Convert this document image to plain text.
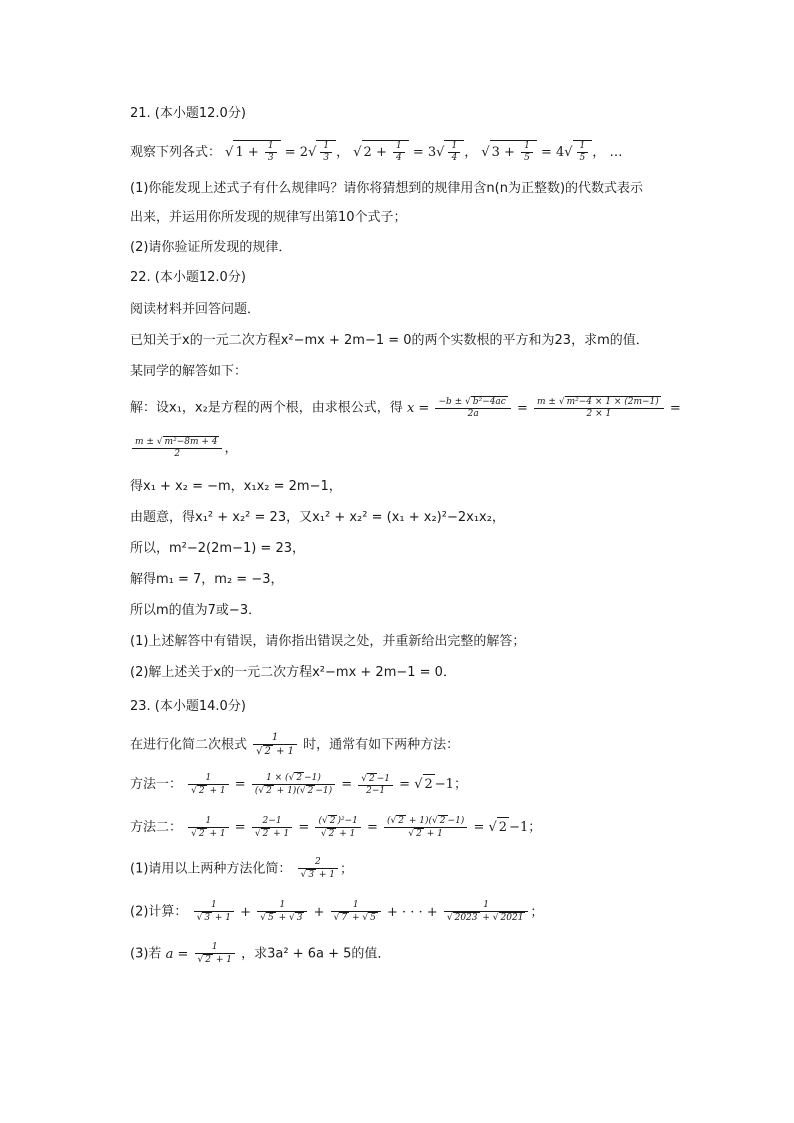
21. (本小题12.0分)
观察下列各式： √ $1 + \frac{1}{3} = 2√ \frac{1}{3}$ ， √ $2 + \frac{1}{4} = 3√ \frac{1}{4}$ ， √ $3 + \frac{1}{5} = 4√ \frac{1}{5}$ ， …
(1)你能发现上述式子有什么规律吗？请你将猜想到的规律用含n(n为正整数)的代数式表示
出来，并运用你所发现的规律写出第10个式子；
(2)请你验证所发现的规律．
22. (本小题12.0分)
阅读材料并回答问题．
已知关于x的一元二次方程x²−mx + 2m−1 = 0的两个实数根的平方和为23，求m的值．
某同学的解答如下：
解：设x₁，x₂是方程的两个根，由求根公式，得 $x = \frac{\text{−b ± √ b²−4ac}}{2a} = \frac{\text{m ± √ m²−4 × 1 × (2m−1)}}{2 \times 1}$ =
$\frac{\text{m ± √ m²−8m + 4}}{2}$ ，
得x₁ + x₂ = −m，x₁x₂ = 2m−1，
由题意，得x₁² + x₂² = 23，又x₁² + x₂² = (x₁ + x₂)²−2x₁x₂，
所以，m²−2(2m−1) = 23，
解得m₁ = 7，m₂ = −3，
所以m的值为7或−3．
(1)上述解答中有错误，请你指出错误之处，并重新给出完整的解答；
(2)解上述关于x的一元二次方程x²−mx + 2m−1 = 0．
23. (本小题14.0分)
在进行化简二次根式 $\frac{1}{√ 2 + 1}$ 时，通常有如下两种方法：
方法一： $\frac{1}{√ 2 + 1} = \frac{1 \times (√ 2 -1)}{(√ 2 + 1)(√ 2 -1)} = \frac{√ 2 -1}{2-1}$ = √ 2 −1；
方法二： $\frac{1}{√ 2 + 1} = \frac{2-1}{√ 2 + 1} = \frac{\text{(√ 2 )²−1}}{√ 2 + 1} = \frac{(√ 2 + 1)(√ 2 -1)}{√ 2 + 1}$ = √ 2 −1；
(1)请用以上两种方法化简： $\frac{2}{√ 3 + 1}$ ；
(2)计算： $\frac{1}{√ 3 + 1} + \frac{1}{√ 5 + √ 3} + \frac{1}{√ 7 + √ 5}$ + · · · + $\frac{1}{√ 2023 + √ 2021}$ ；
(3)若 $a = \frac{1}{√ 2 + 1}$ ，求3a² + 6a + 5的值．
